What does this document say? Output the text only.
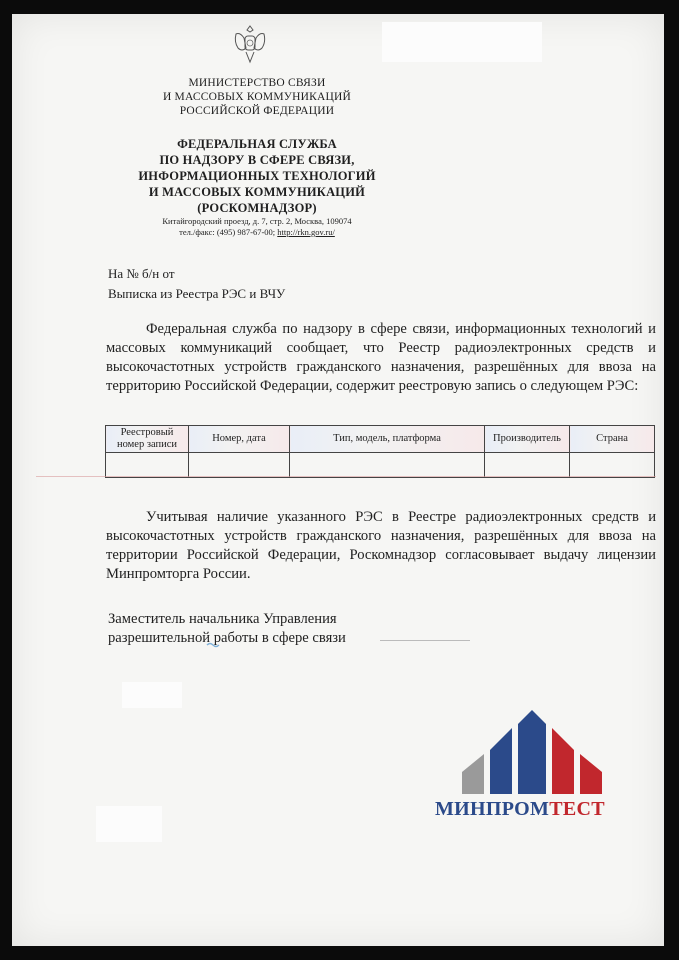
МИНИСТЕРСТВО СВЯЗИ
И МАССОВЫХ КОММУНИКАЦИЙ
РОССИЙСКОЙ ФЕДЕРАЦИИ
ФЕДЕРАЛЬНАЯ СЛУЖБА
ПО НАДЗОРУ В СФЕРЕ СВЯЗИ,
ИНФОРМАЦИОННЫХ ТЕХНОЛОГИЙ
И МАССОВЫХ КОММУНИКАЦИЙ
(РОСКОМНАДЗОР)
Китайгородский проезд, д. 7, стр. 2, Москва, 109074
тел./факс: (495) 987-67-00; http://rkn.gov.ru/
На № б/н от
Выписка из Реестра РЭС и ВЧУ
Федеральная служба по надзору в сфере связи, информационных технологий и массовых коммуникаций сообщает, что Реестр радиоэлектронных средств и высокочастотных устройств гражданского назначения, разрешённых для ввоза на территорию Российской Федерации, содержит реестровую запись о следующем РЭС:
Реестровый номер записи	Номер, дата	Тип, модель, платформа	Производитель	Страна

Учитывая наличие указанного РЭС в Реестре радиоэлектронных средств и высокочастотных устройств гражданского назначения, разрешённых для ввоза на территории Российской Федерации, Роскомнадзор согласовывает выдачу лицензии Минпромторга России.
Заместитель начальника Управления
разрешительной работы в сфере связи
МИНПРОМТЕСТ
